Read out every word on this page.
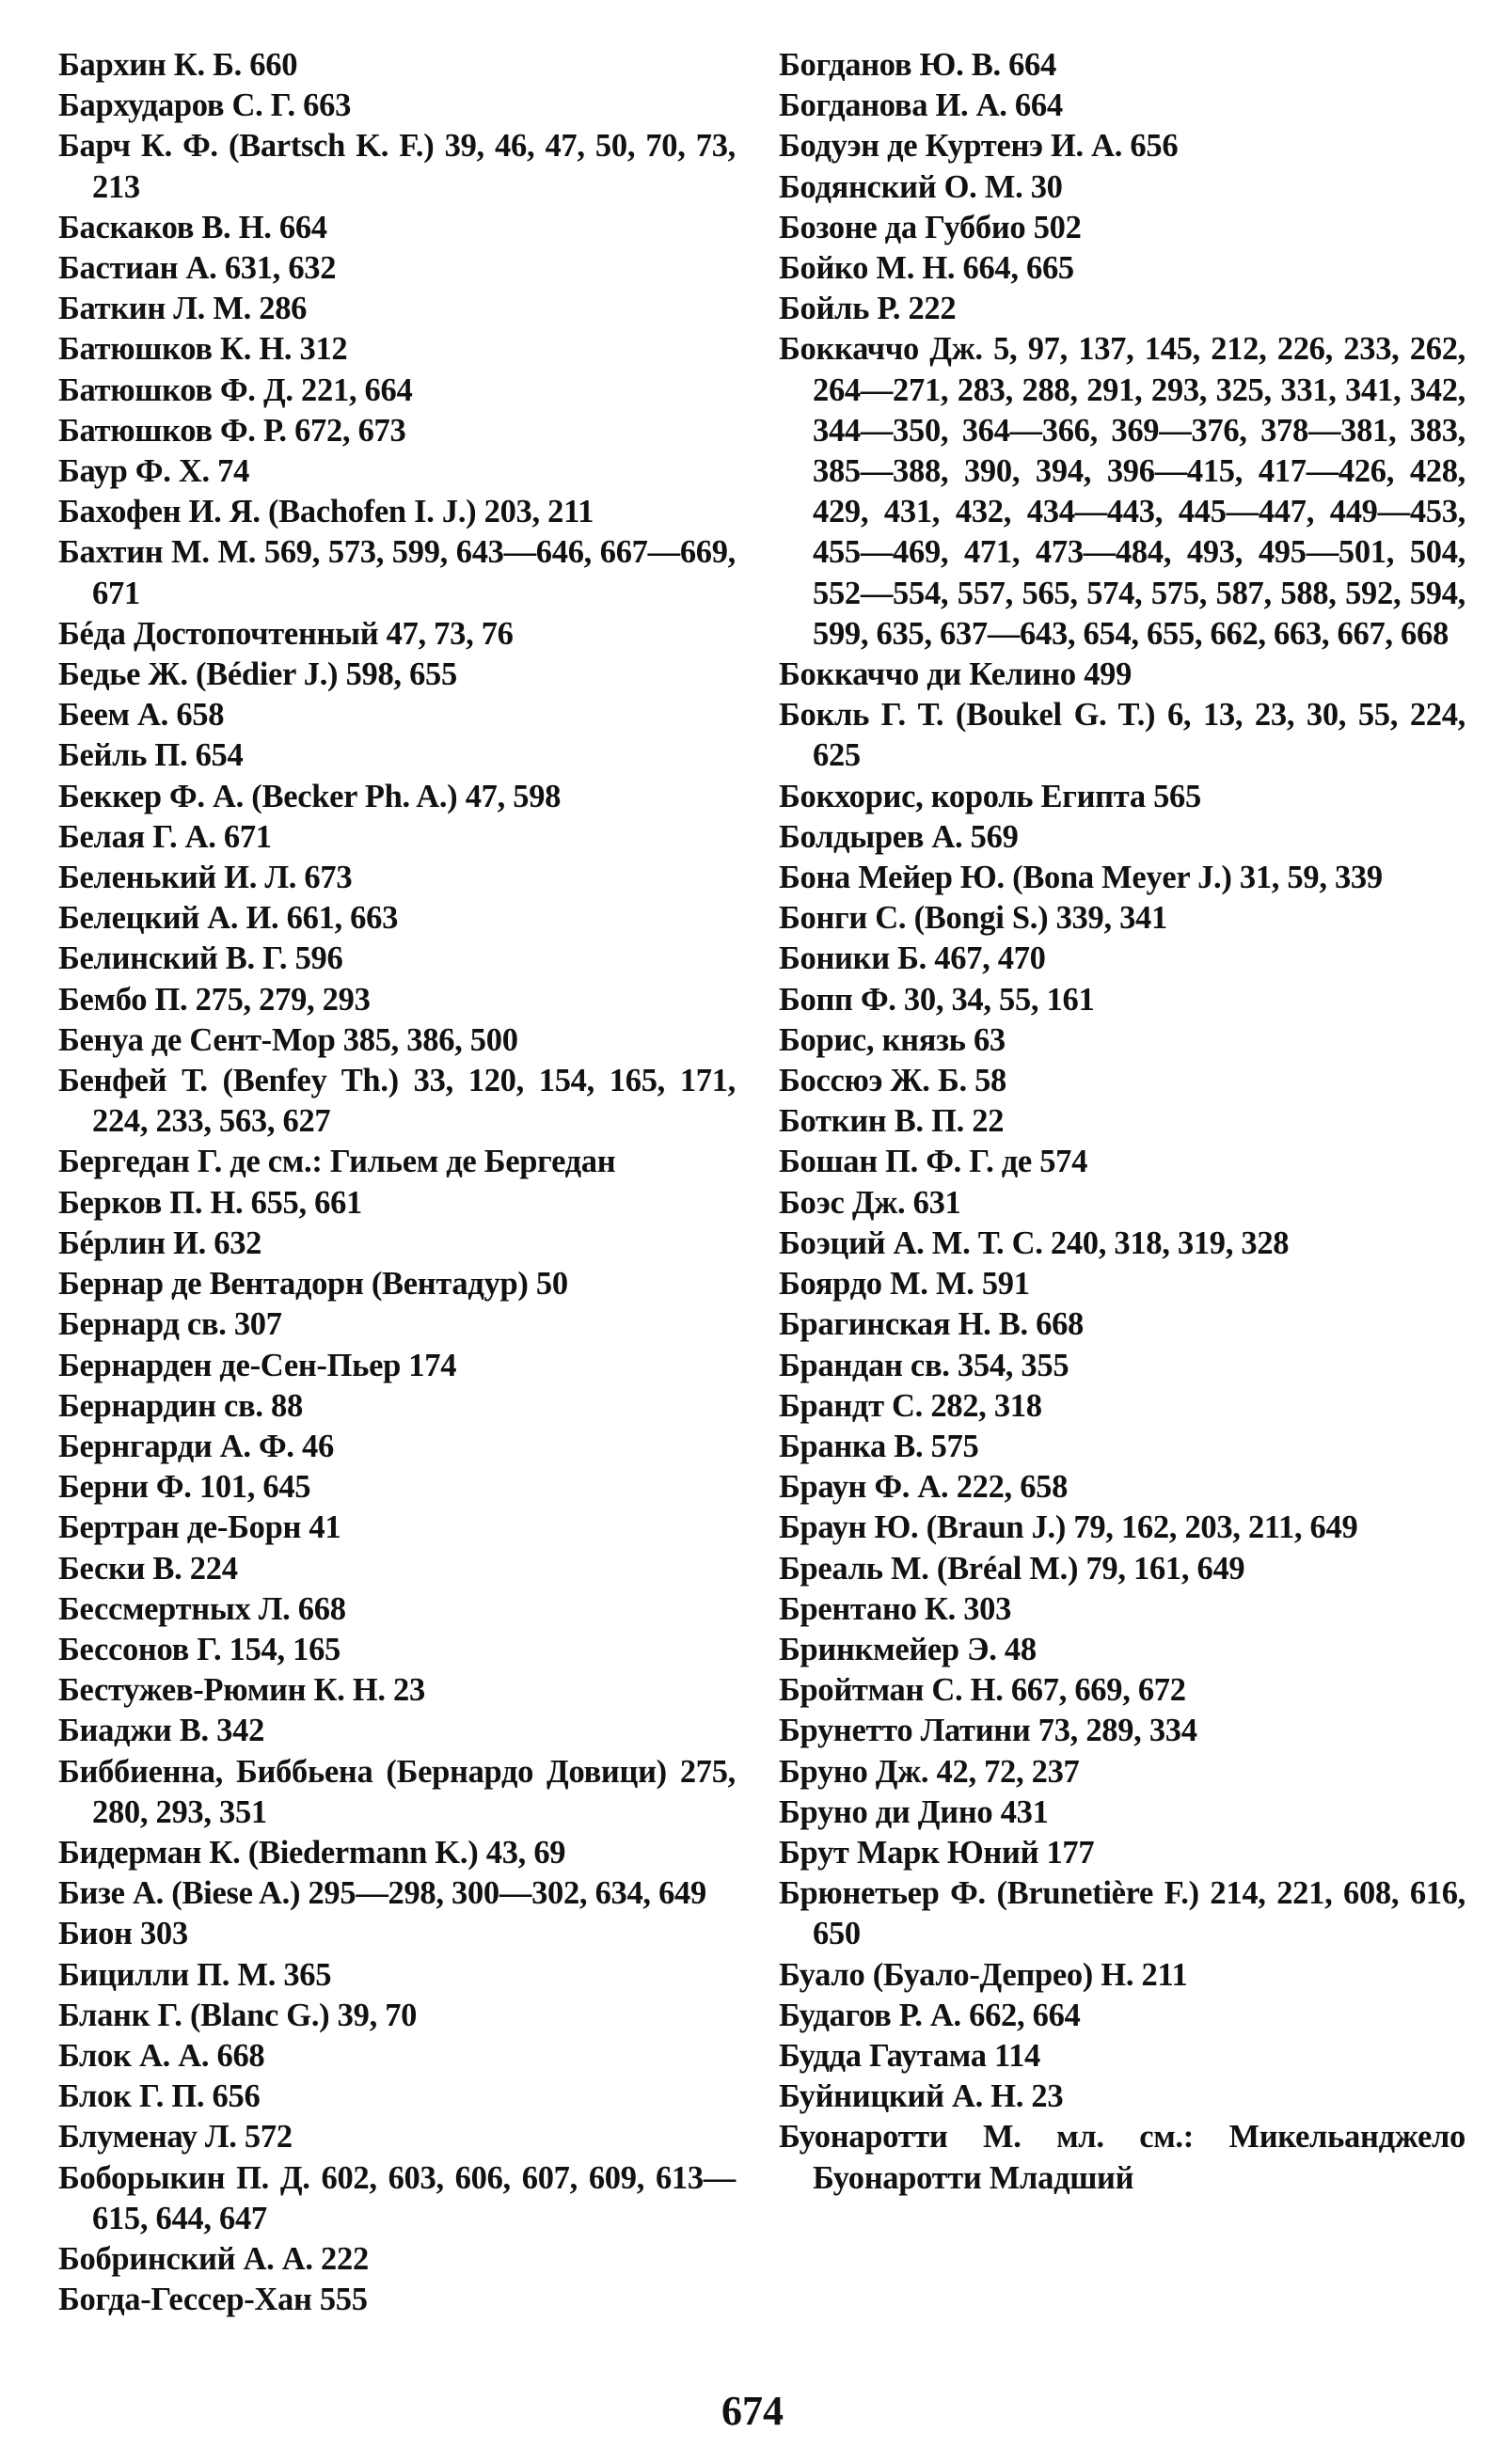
Бархин К. Б. 660
Бархударов С. Г. 663
Барч К. Ф. (Bartsch K. F.) 39, 46, 47, 50, 70, 73, 213
Баскаков В. Н. 664
Бастиан А. 631, 632
Баткин Л. М. 286
Батюшков К. Н. 312
Батюшков Ф. Д. 221, 664
Батюшков Ф. Р. 672, 673
Баур Ф. Х. 74
Бахофен И. Я. (Bachofen I. J.) 203, 211
Бахтин М. М. 569, 573, 599, 643—646, 667—669, 671
Бéда Достопочтенный 47, 73, 76
Бедье Ж. (Bédier J.) 598, 655
Беем А. 658
Бейль П. 654
Беккер Ф. А. (Becker Ph. A.) 47, 598
Белая Г. А. 671
Беленький И. Л. 673
Белецкий А. И. 661, 663
Белинский В. Г. 596
Бембо П. 275, 279, 293
Бенуа де Сент-Мор 385, 386, 500
Бенфей Т. (Benfey Th.) 33, 120, 154, 165, 171, 224, 233, 563, 627
Бергедан Г. де см.: Гильем де Бергедан
Берков П. Н. 655, 661
Бéрлин И. 632
Бернар де Вентадорн (Вентадур) 50
Бернард св. 307
Бернарден де-Сен-Пьер 174
Бернардин св. 88
Бернгарди А. Ф. 46
Берни Ф. 101, 645
Бертран де-Борн 41
Бески В. 224
Бессмертных Л. 668
Бессонов Г. 154, 165
Бестужев-Рюмин К. Н. 23
Биаджи В. 342
Биббиенна, Биббьена (Бернардо Довици) 275, 280, 293, 351
Бидерман К. (Biedermann K.) 43, 69
Бизе А. (Biese A.) 295—298, 300—302, 634, 649
Бион 303
Бицилли П. М. 365
Бланк Г. (Blanc G.) 39, 70
Блок А. А. 668
Блок Г. П. 656
Блуменау Л. 572
Боборыкин П. Д. 602, 603, 606, 607, 609, 613—615, 644, 647
Бобринский А. А. 222
Богда-Гессер-Хан 555
Богданов Ю. В. 664
Богданова И. А. 664
Бодуэн де Куртенэ И. А. 656
Бодянский О. М. 30
Бозоне да Губбио 502
Бойко М. Н. 664, 665
Бойль Р. 222
Боккаччо Дж. 5, 97, 137, 145, 212, 226, 233, 262, 264—271, 283, 288, 291, 293, 325, 331, 341, 342, 344—350, 364—366, 369—376, 378—381, 383, 385—388, 390, 394, 396—415, 417—426, 428, 429, 431, 432, 434—443, 445—447, 449—453, 455—469, 471, 473—484, 493, 495—501, 504, 552—554, 557, 565, 574, 575, 587, 588, 592, 594, 599, 635, 637—643, 654, 655, 662, 663, 667, 668
Боккаччо ди Келино 499
Бокль Г. Т. (Boukel G. T.) 6, 13, 23, 30, 55, 224, 625
Бокхорис, король Египта 565
Болдырев А. 569
Бона Мейер Ю. (Bona Meyer J.) 31, 59, 339
Бонги С. (Bongi S.) 339, 341
Боники Б. 467, 470
Бопп Ф. 30, 34, 55, 161
Борис, князь 63
Боссюэ Ж. Б. 58
Боткин В. П. 22
Бошан П. Ф. Г. де 574
Боэс Дж. 631
Боэций А. М. Т. С. 240, 318, 319, 328
Боярдо М. М. 591
Брагинская Н. В. 668
Брандан св. 354, 355
Брандт С. 282, 318
Бранка В. 575
Браун Ф. А. 222, 658
Браун Ю. (Braun J.) 79, 162, 203, 211, 649
Бреаль М. (Bréal M.) 79, 161, 649
Брентано К. 303
Бринкмейер Э. 48
Бройтман С. Н. 667, 669, 672
Брунетто Латини 73, 289, 334
Бруно Дж. 42, 72, 237
Бруно ди Дино 431
Брут Марк Юний 177
Брюнетьер Ф. (Brunetière F.) 214, 221, 608, 616, 650
Буало (Буало-Депрео) Н. 211
Будагов Р. А. 662, 664
Будда Гаутама 114
Буйницкий А. Н. 23
Буонаротти М. мл. см.: Микельанджело Буонаротти Младший
674
